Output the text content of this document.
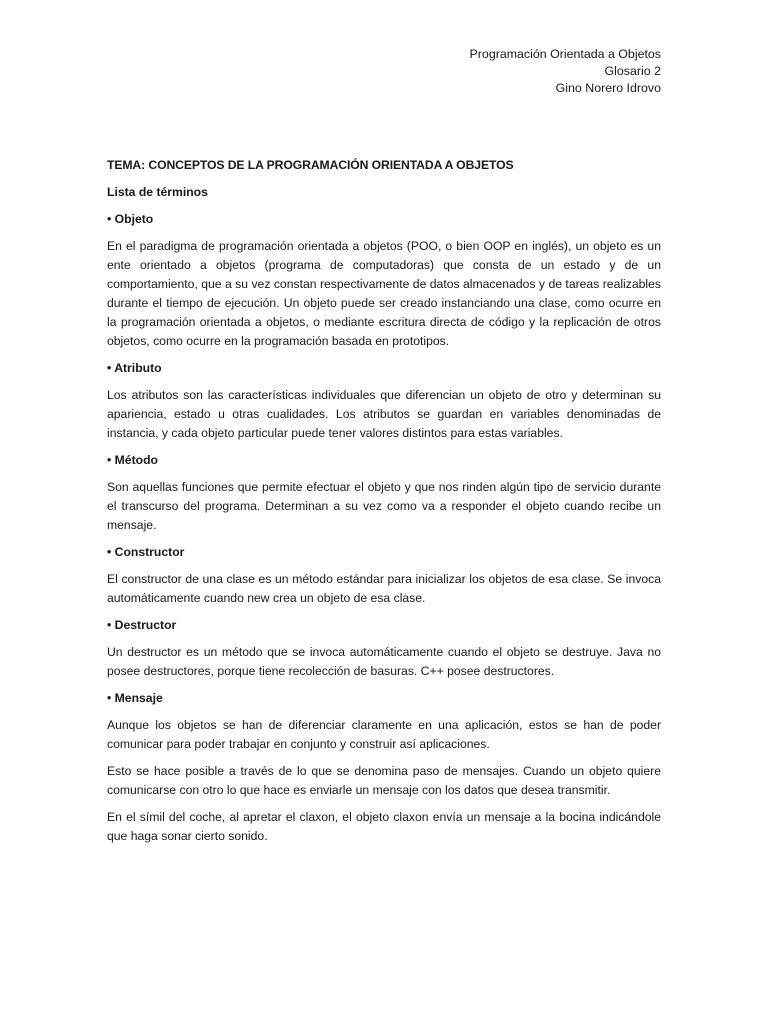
Programación Orientada a Objetos
Glosario 2
Gino Norero Idrovo

TEMA: CONCEPTOS DE LA PROGRAMACIÓN ORIENTADA A OBJETOS

Lista de términos

• Objeto

En el paradigma de programación orientada a objetos (POO, o bien OOP en inglés), un objeto es un ente orientado a objetos (programa de computadoras) que consta de un estado y de un comportamiento, que a su vez constan respectivamente de datos almacenados y de tareas realizables durante el tiempo de ejecución. Un objeto puede ser creado instanciando una clase, como ocurre en la programación orientada a objetos, o mediante escritura directa de código y la replicación de otros objetos, como ocurre en la programación basada en prototipos.

• Atributo

Los atributos son las características individuales que diferencian un objeto de otro y determinan su apariencia, estado u otras cualidades. Los atributos se guardan en variables denominadas de instancia, y cada objeto particular puede tener valores distintos para estas variables.

• Método

Son aquellas funciones que permite efectuar el objeto y que nos rinden algún tipo de servicio durante el transcurso del programa. Determinan a su vez como va a responder el objeto cuando recibe un mensaje.

• Constructor

El constructor de una clase es un método estándar para inicializar los objetos de esa clase. Se invoca automáticamente cuando new crea un objeto de esa clase.

• Destructor

Un destructor es un método que se invoca automáticamente cuando el objeto se destruye. Java no posee destructores, porque tiene recolección de basuras. C++ posee destructores.

• Mensaje

Aunque los objetos se han de diferenciar claramente en una aplicación, estos se han de poder comunicar para poder trabajar en conjunto y construir así aplicaciones.

Esto se hace posible a través de lo que se denomina paso de mensajes. Cuando un objeto quiere comunicarse con otro lo que hace es enviarle un mensaje con los datos que desea transmitir.

En el símil del coche, al apretar el claxon, el objeto claxon envía un mensaje a la bocina indicándole que haga sonar cierto sonido.
